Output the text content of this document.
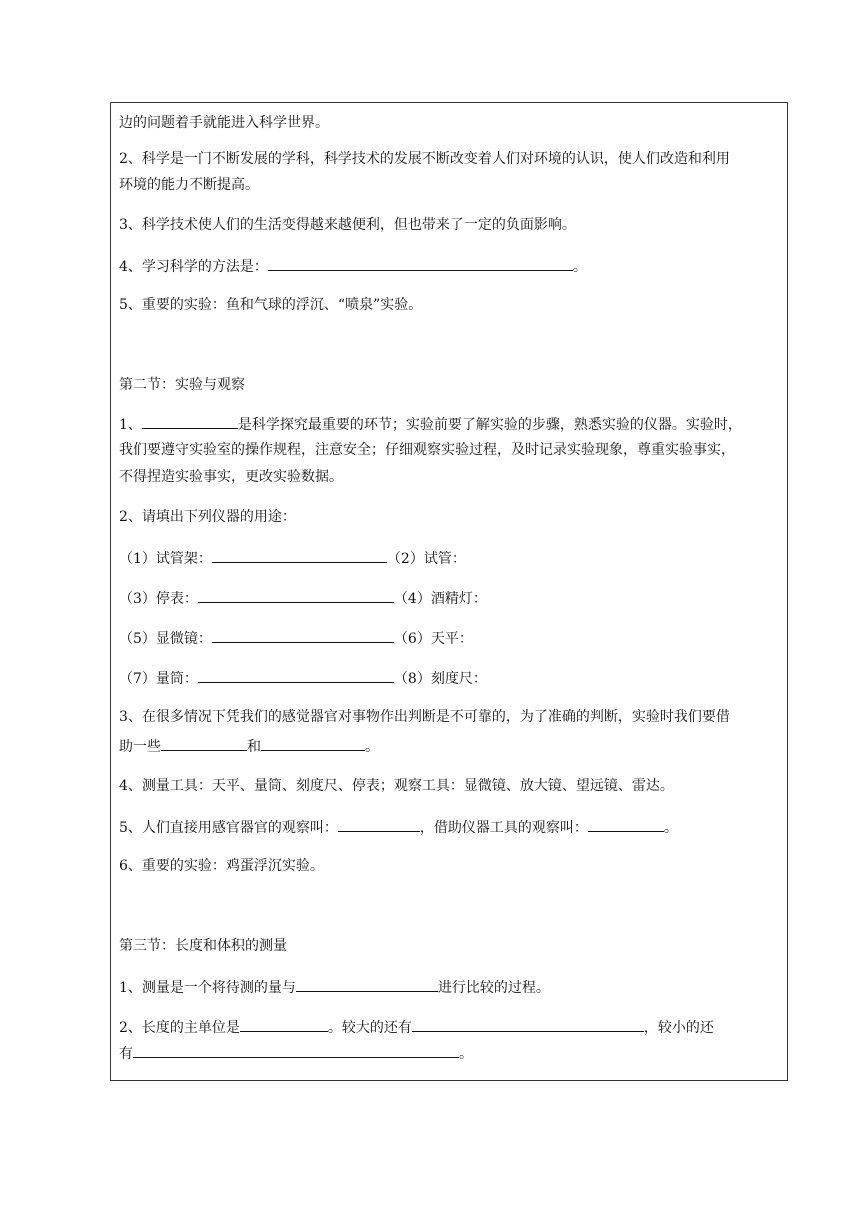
边的问题着手就能进入科学世界。
2、科学是一门不断发展的学科，科学技术的发展不断改变着人们对环境的认识，使人们改造和利用
环境的能力不断提高。
3、科学技术使人们的生活变得越来越便利，但也带来了一定的负面影响。
4、学习科学的方法是：	。
5、重要的实验：鱼和气球的浮沉、“喷泉”实验。
第二节：实验与观察
1、	是科学探究最重要的环节；实验前要了解实验的步骤，熟悉实验的仪器。实验时，
我们要遵守实验室的操作规程，注意安全；仔细观察实验过程，及时记录实验现象，尊重实验事实，
不得捏造实验事实，更改实验数据。
2、请填出下列仪器的用途：
（1）试管架：	（2）试管：
（3）停表：	（4）酒精灯：
（5）显微镜：	（6）天平：
（7）量筒：	（8）刻度尺：
3、在很多情况下凭我们的感觉器官对事物作出判断是不可靠的，为了准确的判断，实验时我们要借
助一些	和	。
4、测量工具：天平、量筒、刻度尺、停表；观察工具：显微镜、放大镜、望远镜、雷达。
5、人们直接用感官器官的观察叫：	，借助仪器工具的观察叫：	。
6、重要的实验：鸡蛋浮沉实验。
第三节：长度和体积的测量
1、测量是一个将待测的量与	进行比较的过程。
2、长度的主单位是	。较大的还有	，较小的还
有	。
